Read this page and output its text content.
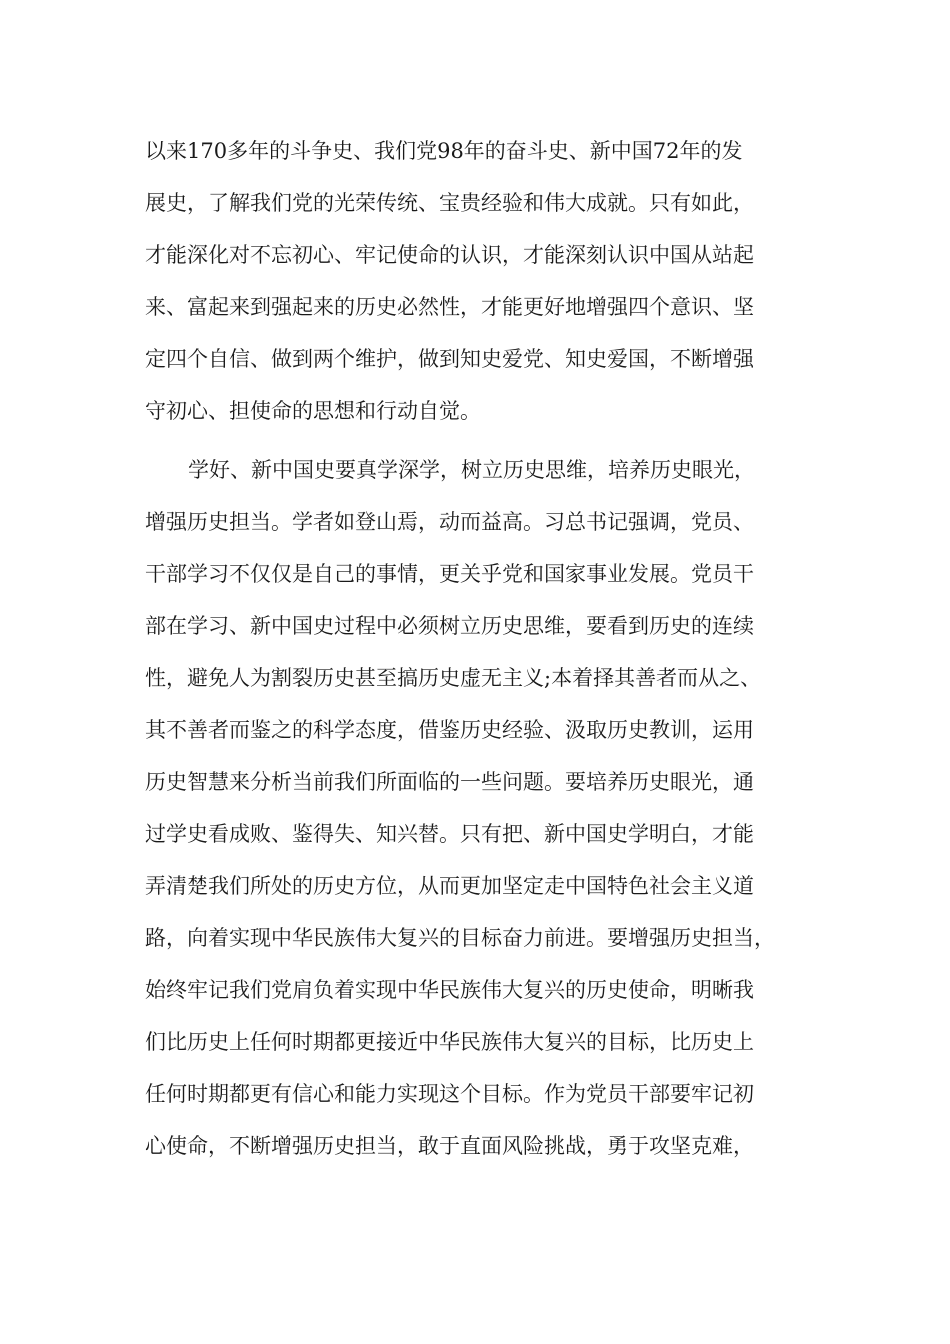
以来170多年的斗争史、我们党98年的奋斗史、新中国72年的发
展史，了解我们党的光荣传统、宝贵经验和伟大成就。只有如此，
才能深化对不忘初心、牢记使命的认识，才能深刻认识中国从站起
来、富起来到强起来的历史必然性，才能更好地增强四个意识、坚
定四个自信、做到两个维护，做到知史爱党、知史爱国，不断增强
守初心、担使命的思想和行动自觉。
学好、新中国史要真学深学，树立历史思维，培养历史眼光，
增强历史担当。学者如登山焉，动而益高。习总书记强调，党员、
干部学习不仅仅是自己的事情，更关乎党和国家事业发展。党员干
部在学习、新中国史过程中必须树立历史思维，要看到历史的连续
性，避免人为割裂历史甚至搞历史虚无主义;本着择其善者而从之、
其不善者而鉴之的科学态度，借鉴历史经验、汲取历史教训，运用
历史智慧来分析当前我们所面临的一些问题。要培养历史眼光，通
过学史看成败、鉴得失、知兴替。只有把、新中国史学明白，才能
弄清楚我们所处的历史方位，从而更加坚定走中国特色社会主义道
路，向着实现中华民族伟大复兴的目标奋力前进。要增强历史担当，
始终牢记我们党肩负着实现中华民族伟大复兴的历史使命，明晰我
们比历史上任何时期都更接近中华民族伟大复兴的目标，比历史上
任何时期都更有信心和能力实现这个目标。作为党员干部要牢记初
心使命，不断增强历史担当，敢于直面风险挑战，勇于攻坚克难，
